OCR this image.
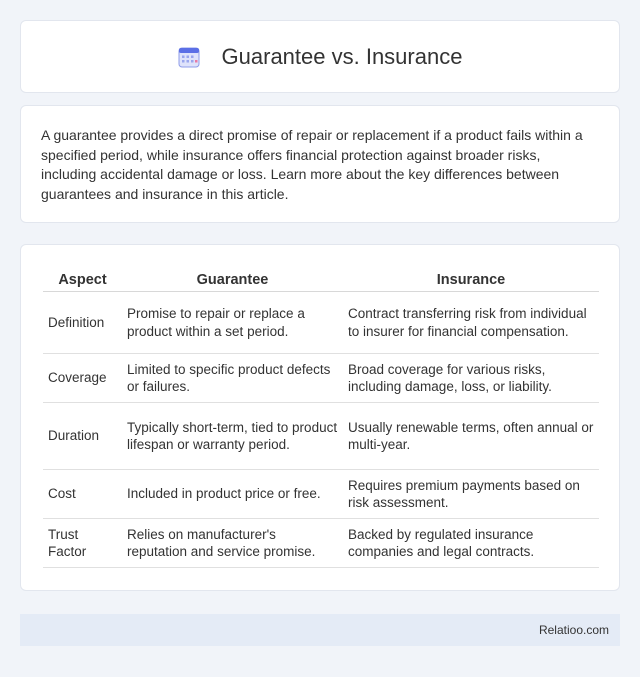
Guarantee vs. Insurance

A guarantee provides a direct promise of repair or replacement if a product fails within a specified period, while insurance offers financial protection against broader risks, including accidental damage or loss. Learn more about the key differences between guarantees and insurance in this article.

Aspect	Guarantee	Insurance
Definition	Promise to repair or replace a product within a set period.	Contract transferring risk from individual to insurer for financial compensation.
Coverage	Limited to specific product defects or failures.	Broad coverage for various risks, including damage, loss, or liability.
Duration	Typically short-term, tied to product lifespan or warranty period.	Usually renewable terms, often annual or multi-year.
Cost	Included in product price or free.	Requires premium payments based on risk assessment.
Trust Factor	Relies on manufacturer's reputation and service promise.	Backed by regulated insurance companies and legal contracts.
Relatioo.com
